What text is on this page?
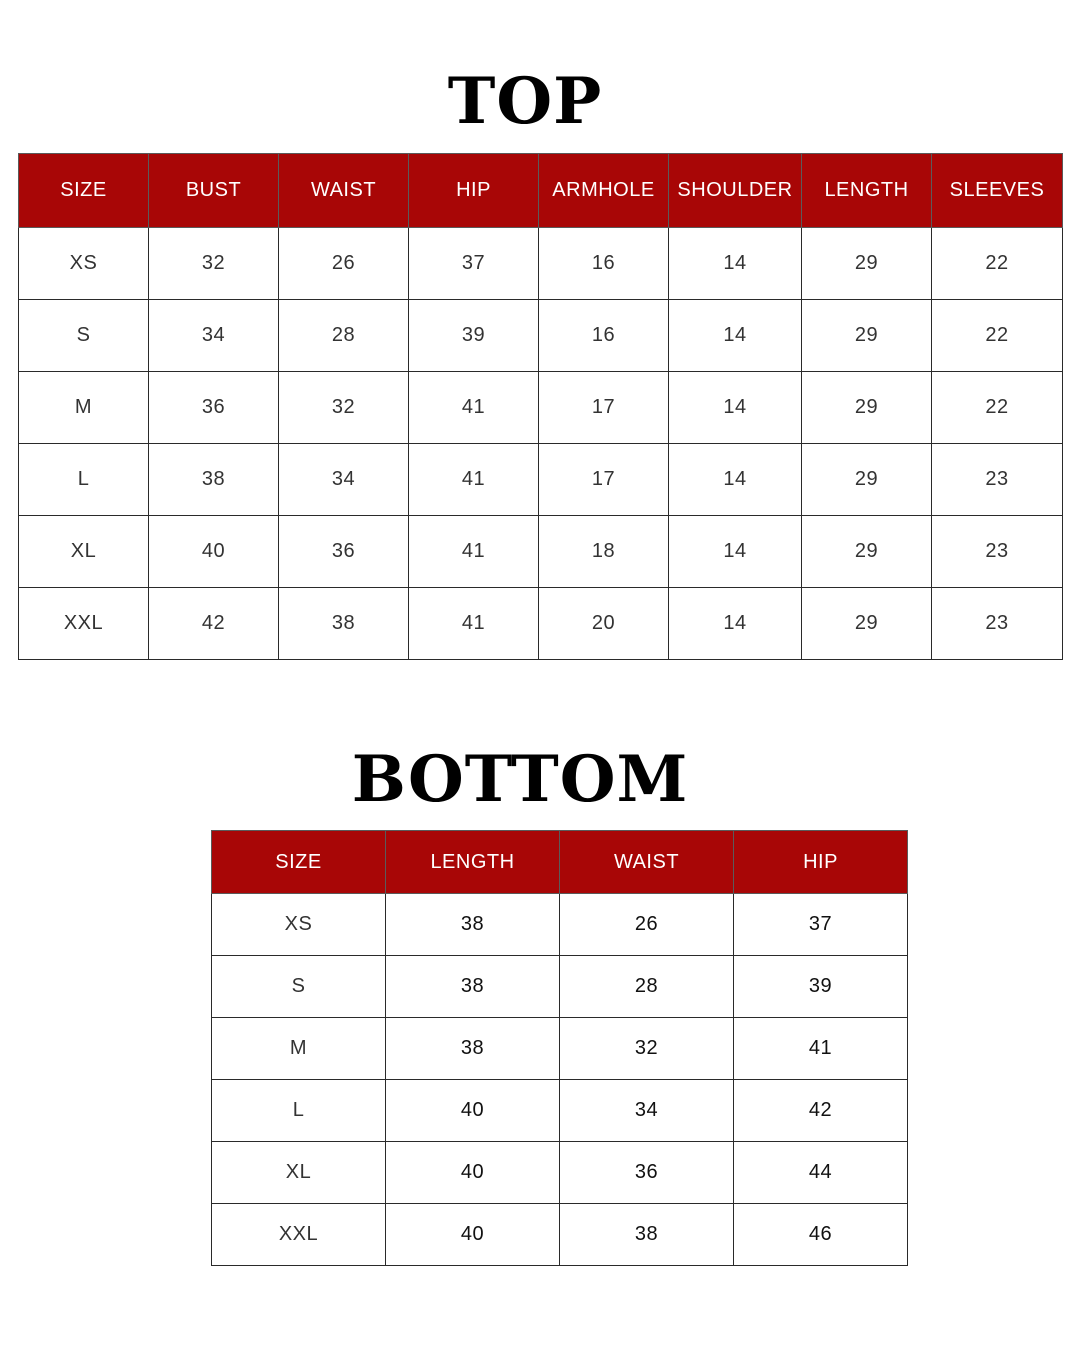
TOP
SIZE	BUST	WAIST	HIP	ARMHOLE	SHOULDER	LENGTH	SLEEVES
XS	32	26	37	16	14	29	22
S	34	28	39	16	14	29	22
M	36	32	41	17	14	29	22
L	38	34	41	17	14	29	23
XL	40	36	41	18	14	29	23
XXL	42	38	41	20	14	29	23
BOTTOM
SIZE	LENGTH	WAIST	HIP
XS	38	26	37
S	38	28	39
M	38	32	41
L	40	34	42
XL	40	36	44
XXL	40	38	46
